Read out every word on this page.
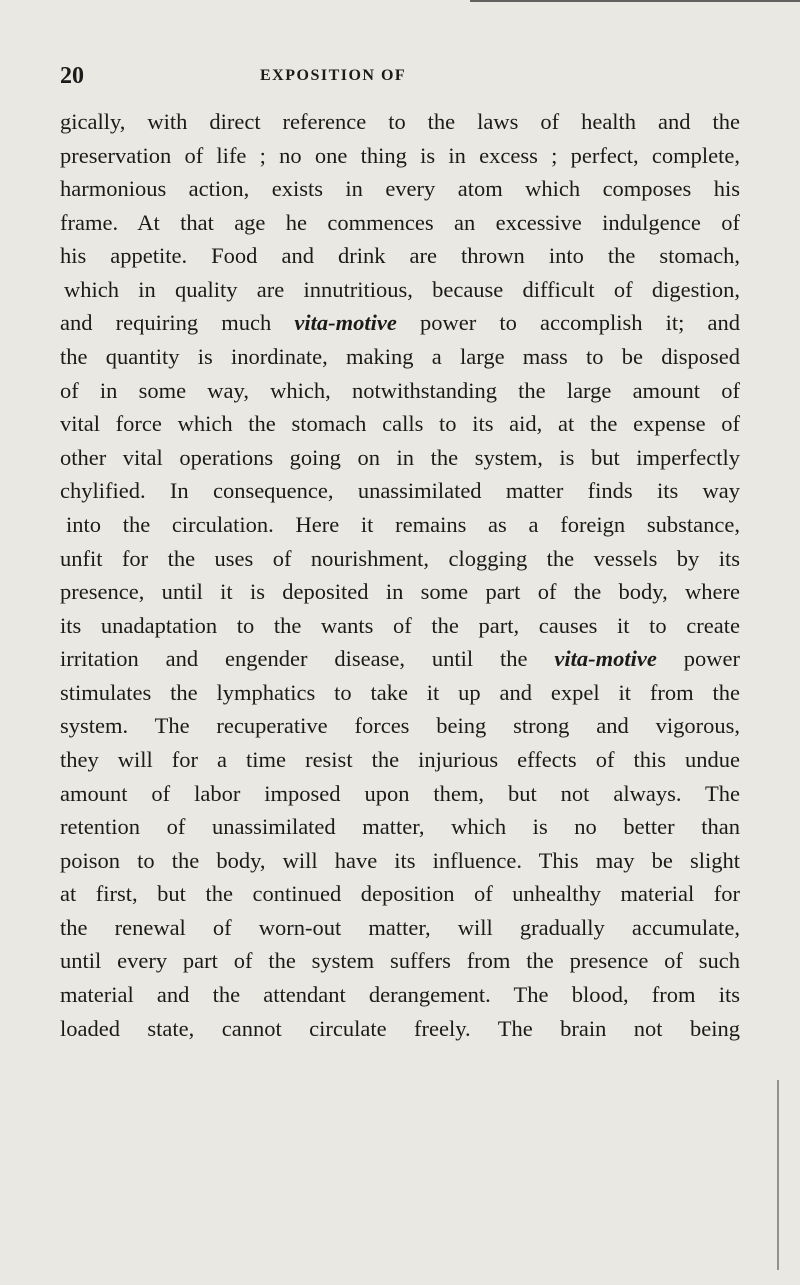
20	EXPOSITION OF
gically, with direct reference to the laws of health and the
preservation of life ; no one thing is in excess ; perfect, complete,
harmonious action, exists in every atom which composes his
frame. At that age he commences an excessive indulgence of
his appetite. Food and drink are thrown into the stomach,
which in quality are innutritious, because difficult of digestion,
and requiring much vita-motive power to accomplish it; and
the quantity is inordinate, making a large mass to be disposed
of in some way, which, notwithstanding the large amount of
vital force which the stomach calls to its aid, at the expense of
other vital operations going on in the system, is but imperfectly
chylified. In consequence, unassimilated matter finds its way
into the circulation. Here it remains as a foreign substance,
unfit for the uses of nourishment, clogging the vessels by its
presence, until it is deposited in some part of the body, where
its unadaptation to the wants of the part, causes it to create
irritation and engender disease, until the vita-motive power
stimulates the lymphatics to take it up and expel it from the
system. The recuperative forces being strong and vigorous,
they will for a time resist the injurious effects of this undue
amount of labor imposed upon them, but not always. The
retention of unassimilated matter, which is no better than
poison to the body, will have its influence. This may be slight
at first, but the continued deposition of unhealthy material for
the renewal of worn-out matter, will gradually accumulate,
until every part of the system suffers from the presence of such
material and the attendant derangement. The blood, from its
loaded state, cannot circulate freely. The brain not being
